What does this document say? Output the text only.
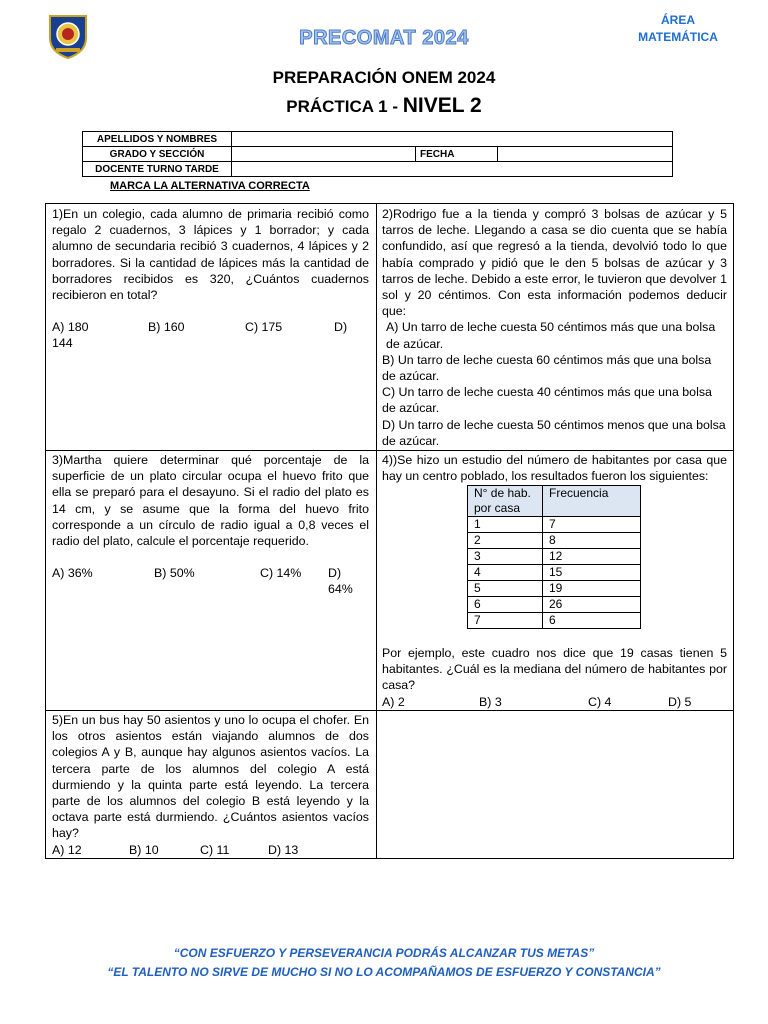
PRECOMAT 2024
ÁREA
MATEMÁTICA
PREPARACIÓN ONEM 2024
PRÁCTICA 1 - NIVEL 2
APELLIDOS Y NOMBRES			
GRADO Y SECCIÓN		FECHA	
DOCENTE TURNO TARDE			
MARCA LA ALTERNATIVA CORRECTA
1)En un colegio, cada alumno de primaria recibió como regalo 2 cuadernos, 3 lápices y 1 borrador; y cada alumno de secundaria recibió 3 cuadernos, 4 lápices y 2 borradores. Si la cantidad de lápices más la cantidad de borradores recibidos es 320, ¿Cuántos cuadernos recibieron en total?
A) 180	B) 160	C) 175	D)
144
2)Rodrigo fue a la tienda y compró 3 bolsas de azúcar y 5 tarros de leche. Llegando a casa se dio cuenta que se había confundido, así que regresó a la tienda, devolvió todo lo que había comprado y pidió que le den 5 bolsas de azúcar y 3 tarros de leche. Debido a este error, le tuvieron que devolver 1 sol y 20 céntimos. Con esta información podemos deducir que:
A) Un tarro de leche cuesta 50 céntimos más que una bolsa de azúcar.
B) Un tarro de leche cuesta 60 céntimos más que una bolsa de azúcar.
C) Un tarro de leche cuesta 40 céntimos más que una bolsa de azúcar.
D) Un tarro de leche cuesta 50 céntimos menos que una bolsa de azúcar.
3)Martha quiere determinar qué porcentaje de la superficie de un plato circular ocupa el huevo frito que ella se preparó para el desayuno. Si el radio del plato es 14 cm, y se asume que la forma del huevo frito corresponde a un círculo de radio igual a 0,8 veces el radio del plato, calcule el porcentaje requerido.
A) 36%	B) 50%	C) 14% D) 64%
4))Se hizo un estudio del número de habitantes por casa que hay un centro poblado, los resultados fueron los siguientes:
N° de hab. por casa	Frecuencia
1	7
2	8
3	12
4	15
5	19
6	26
7	6
Por ejemplo, este cuadro nos dice que 19 casas tienen 5 habitantes. ¿Cuál es la mediana del número de habitantes por casa?
A) 2	B) 3	C) 4	D) 5
5)En un bus hay 50 asientos y uno lo ocupa el chofer. En los otros asientos están viajando alumnos de dos colegios A y B, aunque hay algunos asientos vacíos. La tercera parte de los alumnos del colegio A está durmiendo y la quinta parte está leyendo. La tercera parte de los alumnos del colegio B está leyendo y la octava parte está durmiendo. ¿Cuántos asientos vacíos hay?
A) 12	B) 10	C) 11	D) 13
“CON ESFUERZO Y PERSEVERANCIA PODRÁS ALCANZAR TUS METAS”
“EL TALENTO NO SIRVE DE MUCHO SI NO LO ACOMPAÑAMOS DE ESFUERZO Y CONSTANCIA”
